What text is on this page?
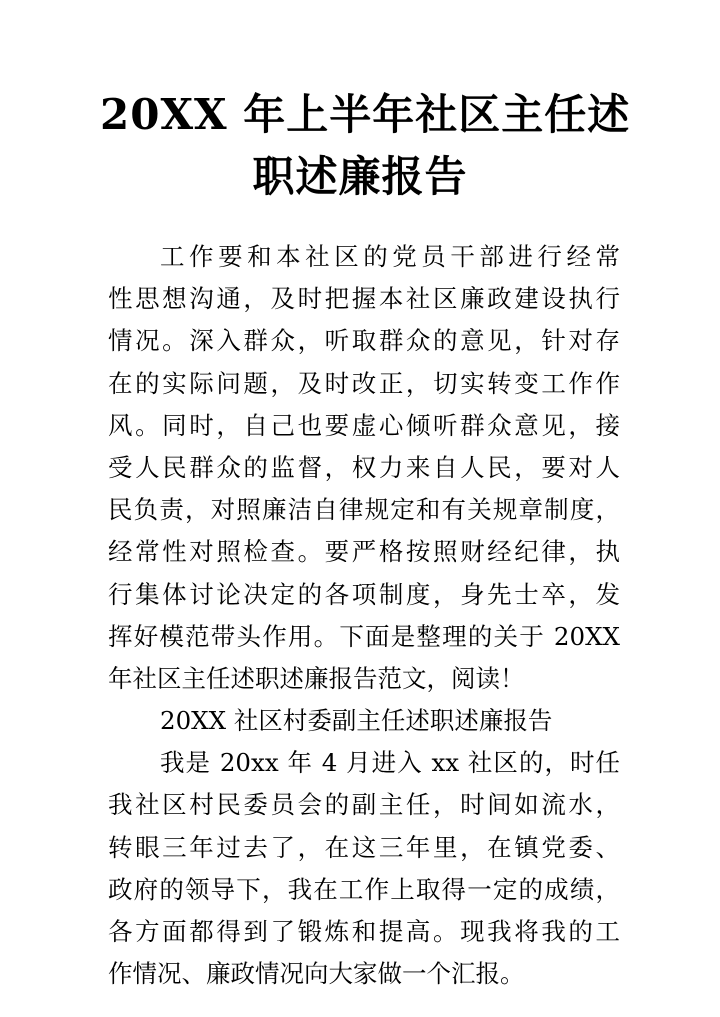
20XX 年上半年社区主任述
职述廉报告
工作要和本社区的党员干部进行经常
性思想沟通，及时把握本社区廉政建设执行
情况。深入群众，听取群众的意见，针对存
在的实际问题，及时改正，切实转变工作作
风。同时，自己也要虚心倾听群众意见，接
受人民群众的监督，权力来自人民，要对人
民负责，对照廉洁自律规定和有关规章制度，
经常性对照检查。要严格按照财经纪律，执
行集体讨论决定的各项制度，身先士卒，发
挥好模范带头作用。下面是整理的关于 20XX
年社区主任述职述廉报告范文，阅读！
20XX 社区村委副主任述职述廉报告
我是 20xx 年 4 月进入 xx 社区的，时任
我社区村民委员会的副主任，时间如流水，
转眼三年过去了，在这三年里，在镇党委、
政府的领导下，我在工作上取得一定的成绩，
各方面都得到了锻炼和提高。现我将我的工
作情况、廉政情况向大家做一个汇报。
